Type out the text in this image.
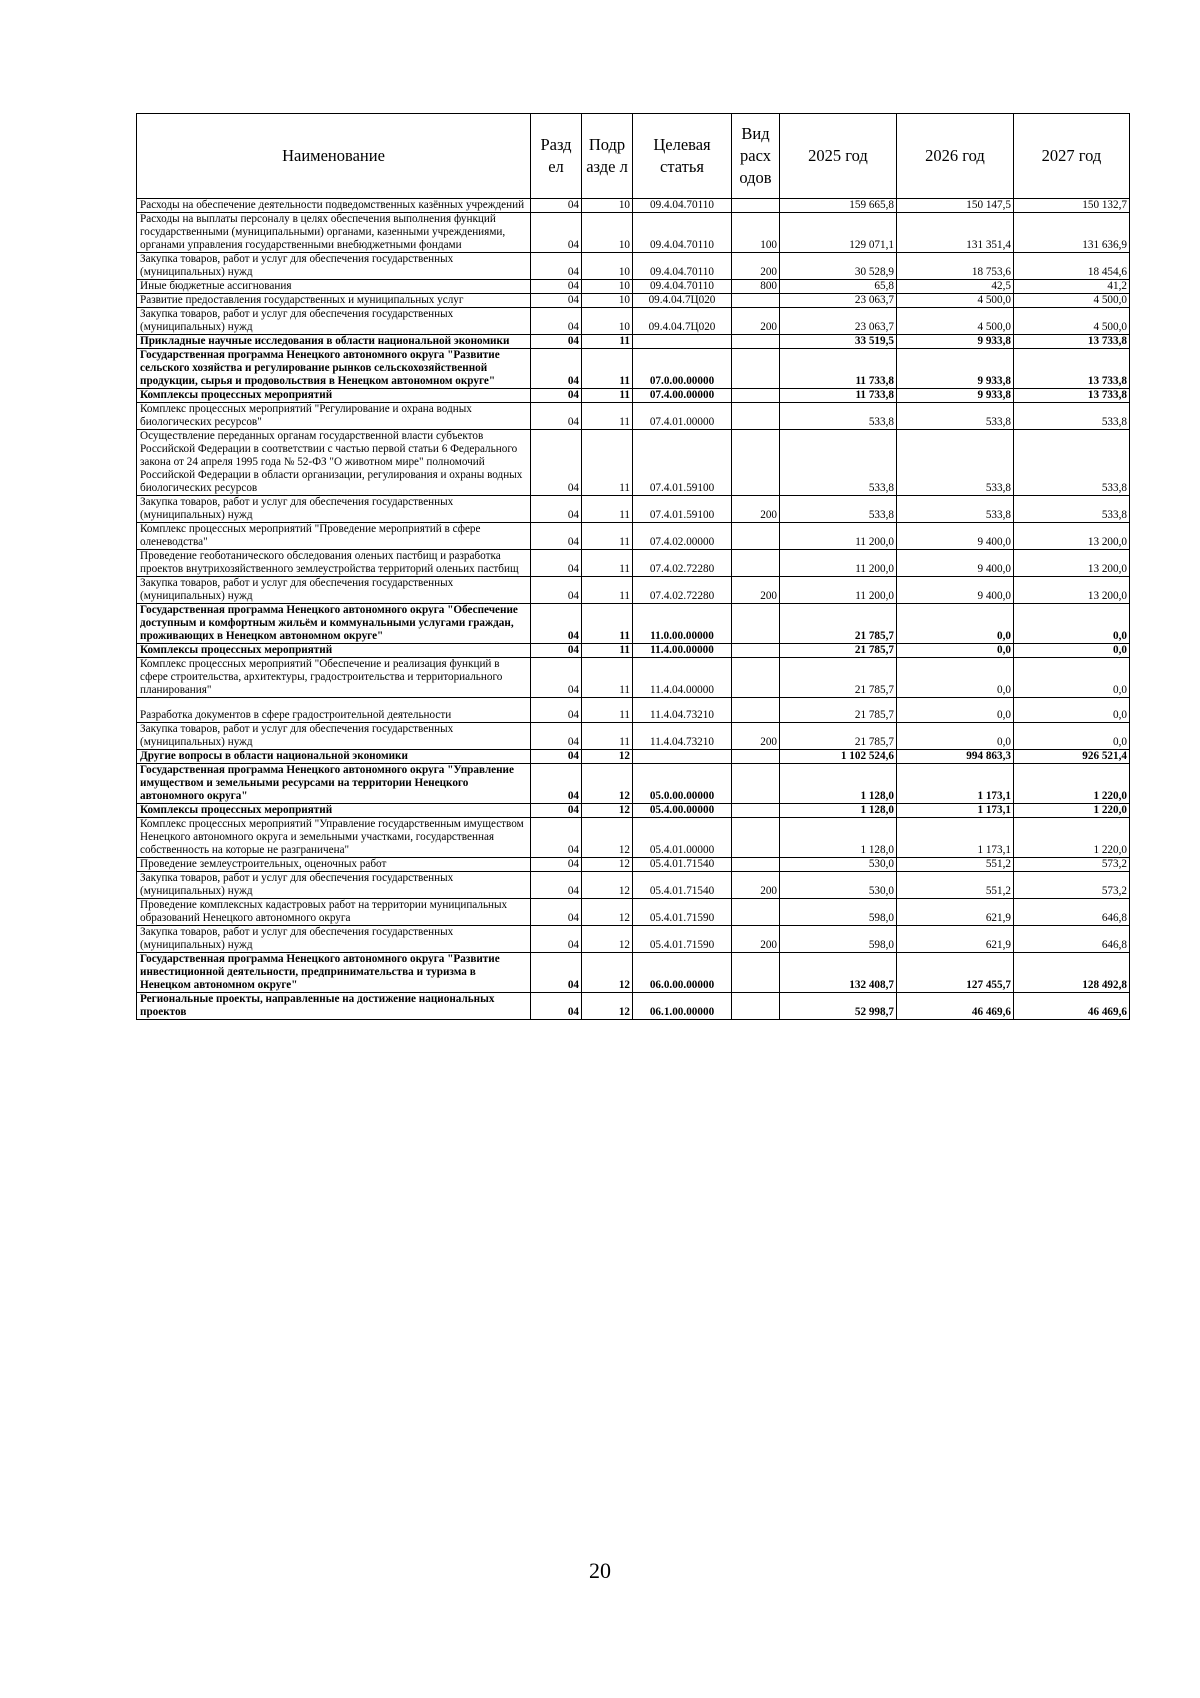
Наименование	Разд ел	Подр азде л	Целевая статья	Вид расх одов	2025 год	2026 год	2027 год
Расходы на обеспечение деятельности подведомственных казённых учреждений	04	10	09.4.04.70110		159 665,8	150 147,5	150 132,7
Расходы на выплаты персоналу в целях обеспечения выполнения функций государственными (муниципальными) органами, казенными учреждениями, органами управления государственными внебюджетными фондами	04	10	09.4.04.70110	100	129 071,1	131 351,4	131 636,9
Закупка товаров, работ и услуг для обеспечения государственных (муниципальных) нужд	04	10	09.4.04.70110	200	30 528,9	18 753,6	18 454,6
Иные бюджетные ассигнования	04	10	09.4.04.70110	800	65,8	42,5	41,2
Развитие предоставления государственных и муниципальных услуг	04	10	09.4.04.7Ц020		23 063,7	4 500,0	4 500,0
Закупка товаров, работ и услуг для обеспечения государственных (муниципальных) нужд	04	10	09.4.04.7Ц020	200	23 063,7	4 500,0	4 500,0
Прикладные научные исследования в области национальной экономики	04	11			33 519,5	9 933,8	13 733,8
Государственная программа Ненецкого автономного округа "Развитие сельского хозяйства и регулирование рынков сельскохозяйственной продукции, сырья и продовольствия в Ненецком автономном округе"	04	11	07.0.00.00000		11 733,8	9 933,8	13 733,8
Комплексы процессных мероприятий	04	11	07.4.00.00000		11 733,8	9 933,8	13 733,8
Комплекс процессных мероприятий "Регулирование и охрана водных биологических ресурсов"	04	11	07.4.01.00000		533,8	533,8	533,8
Осуществление переданных органам государственной власти субъектов Российской Федерации в соответствии с частью первой статьи 6 Федерального закона от 24 апреля 1995 года № 52-ФЗ "О животном мире" полномочий Российской Федерации в области организации, регулирования и охраны водных биологических ресурсов	04	11	07.4.01.59100		533,8	533,8	533,8
Закупка товаров, работ и услуг для обеспечения государственных (муниципальных) нужд	04	11	07.4.01.59100	200	533,8	533,8	533,8
Комплекс процессных мероприятий "Проведение мероприятий в сфере оленеводства"	04	11	07.4.02.00000		11 200,0	9 400,0	13 200,0
Проведение геоботанического обследования оленьих пастбищ и разработка проектов внутрихозяйственного землеустройства территорий оленьих пастбищ	04	11	07.4.02.72280		11 200,0	9 400,0	13 200,0
Закупка товаров, работ и услуг для обеспечения государственных (муниципальных) нужд	04	11	07.4.02.72280	200	11 200,0	9 400,0	13 200,0
Государственная программа Ненецкого автономного округа "Обеспечение доступным и комфортным жильём и коммунальными услугами граждан, проживающих в Ненецком автономном округе"	04	11	11.0.00.00000		21 785,7	0,0	0,0
Комплексы процессных мероприятий	04	11	11.4.00.00000		21 785,7	0,0	0,0
Комплекс процессных мероприятий "Обеспечение и реализация функций в сфере строительства, архитектуры, градостроительства и территориального планирования"	04	11	11.4.04.00000		21 785,7	0,0	0,0
Разработка документов в сфере градостроительной деятельности	04	11	11.4.04.73210		21 785,7	0,0	0,0
Закупка товаров, работ и услуг для обеспечения государственных (муниципальных) нужд	04	11	11.4.04.73210	200	21 785,7	0,0	0,0
Другие вопросы в области национальной экономики	04	12			1 102 524,6	994 863,3	926 521,4
Государственная программа Ненецкого автономного округа "Управление имуществом и земельными ресурсами на территории Ненецкого автономного округа"	04	12	05.0.00.00000		1 128,0	1 173,1	1 220,0
Комплексы процессных мероприятий	04	12	05.4.00.00000		1 128,0	1 173,1	1 220,0
Комплекс процессных мероприятий "Управление государственным имуществом Ненецкого автономного округа и земельными участками, государственная собственность на которые не разграничена"	04	12	05.4.01.00000		1 128,0	1 173,1	1 220,0
Проведение землеустроительных, оценочных работ	04	12	05.4.01.71540		530,0	551,2	573,2
Закупка товаров, работ и услуг для обеспечения государственных (муниципальных) нужд	04	12	05.4.01.71540	200	530,0	551,2	573,2
Проведение комплексных кадастровых работ на территории муниципальных образований Ненецкого автономного округа	04	12	05.4.01.71590		598,0	621,9	646,8
Закупка товаров, работ и услуг для обеспечения государственных (муниципальных) нужд	04	12	05.4.01.71590	200	598,0	621,9	646,8
Государственная программа Ненецкого автономного округа "Развитие инвестиционной деятельности, предпринимательства и туризма в Ненецком автономном округе"	04	12	06.0.00.00000		132 408,7	127 455,7	128 492,8
Региональные проекты, направленные на достижение национальных проектов	04	12	06.1.00.00000		52 998,7	46 469,6	46 469,6
20
